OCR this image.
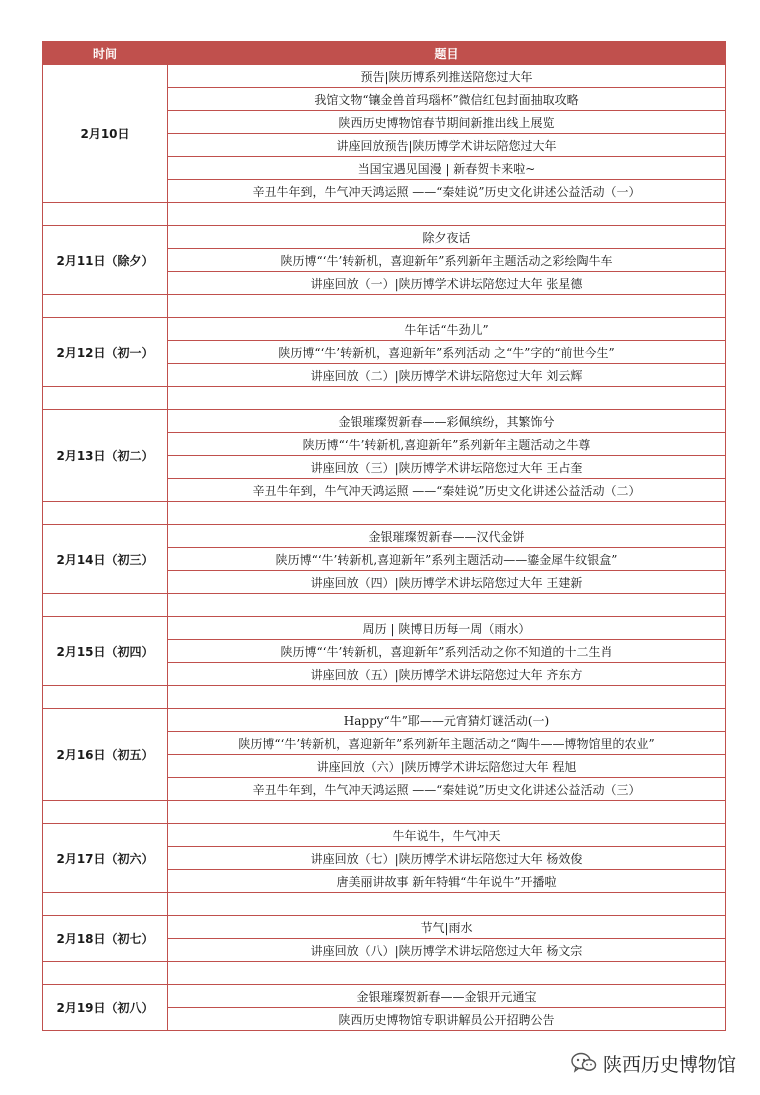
时间	题目
2月10日	预告|陕历博系列推送陪您过大年
	我馆文物“镶金兽首玛瑙杯”微信红包封面抽取攻略
	陕西历史博物馆春节期间新推出线上展览
	讲座回放预告|陕历博学术讲坛陪您过大年
	当国宝遇见国漫 | 新春贺卡来啦~
	辛丑牛年到，牛气冲天鸿运照 ——“秦娃说”历史文化讲述公益活动（一）

2月11日（除夕）	除夕夜话
	陕历博“‘牛’转新机，喜迎新年”系列新年主题活动之彩绘陶牛车
	讲座回放（一）|陕历博学术讲坛陪您过大年 张星德

2月12日（初一）	牛年话“牛劲儿”
	陕历博“‘牛’转新机，喜迎新年”系列活动 之“牛”字的“前世今生”
	讲座回放（二）|陕历博学术讲坛陪您过大年 刘云辉

2月13日（初二）	金银璀璨贺新春——彩佩缤纷，其繁饰兮
	陕历博“‘牛’转新机,喜迎新年”系列新年主题活动之牛尊
	讲座回放（三）|陕历博学术讲坛陪您过大年 王占奎
	辛丑牛年到，牛气冲天鸿运照 ——“秦娃说”历史文化讲述公益活动（二）

2月14日（初三）	金银璀璨贺新春——汉代金饼
	陕历博“‘牛’转新机,喜迎新年”系列主题活动——鎏金犀牛纹银盒”
	讲座回放（四）|陕历博学术讲坛陪您过大年 王建新

2月15日（初四）	周历 | 陕博日历每一周（雨水）
	陕历博“‘牛’转新机，喜迎新年”系列活动之你不知道的十二生肖
	讲座回放（五）|陕历博学术讲坛陪您过大年 齐东方

2月16日（初五）	Happy“牛”耶——元宵猜灯谜活动(一)
	陕历博“‘牛’转新机，喜迎新年”系列新年主题活动之“陶牛——博物馆里的农业”
	讲座回放（六）|陕历博学术讲坛陪您过大年 程旭
	辛丑牛年到，牛气冲天鸿运照 ——“秦娃说”历史文化讲述公益活动（三）

2月17日（初六）	牛年说牛，牛气冲天
	讲座回放（七）|陕历博学术讲坛陪您过大年 杨效俊
	唐美丽讲故事 新年特辑“牛年说牛”开播啦

2月18日（初七）	节气|雨水
	讲座回放（八）|陕历博学术讲坛陪您过大年 杨文宗

2月19日（初八）	金银璀璨贺新春——金银开元通宝
	陕西历史博物馆专职讲解员公开招聘公告
陕西历史博物馆
